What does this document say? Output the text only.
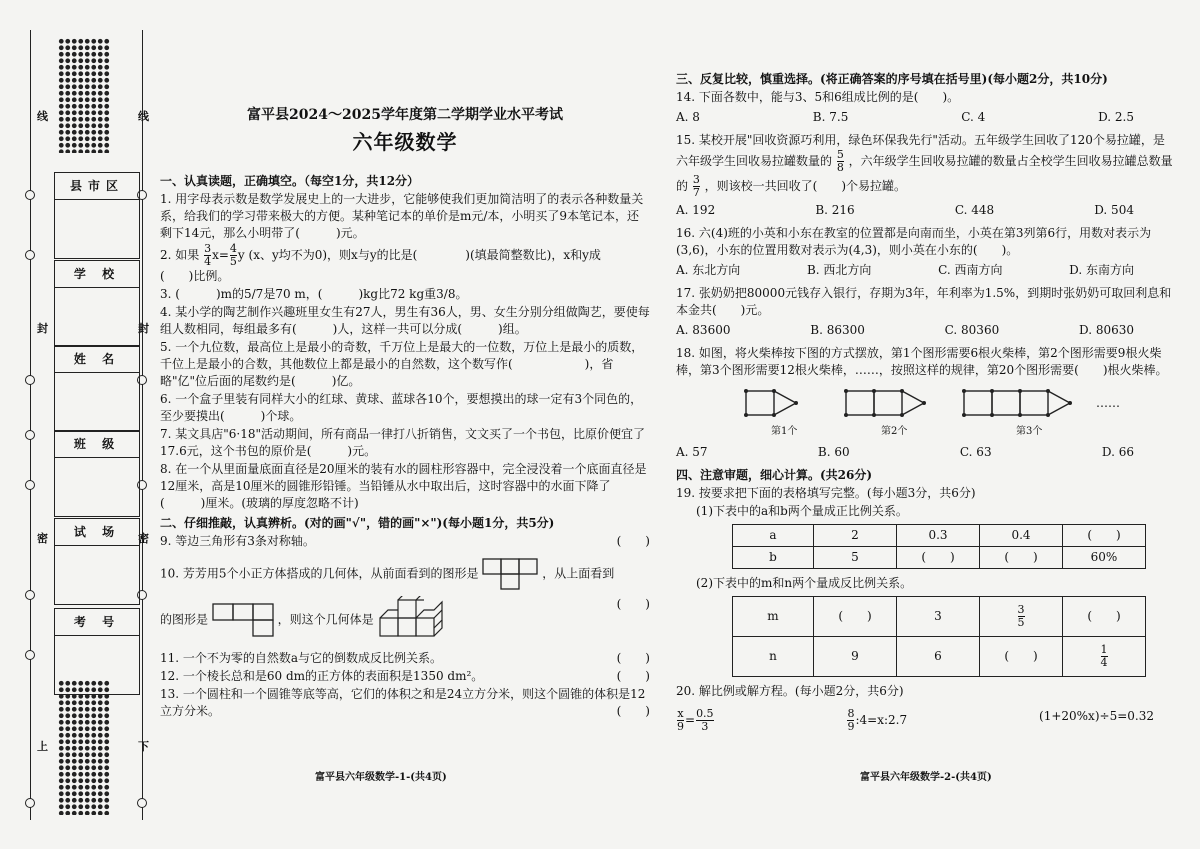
线	线
封	封
密	密
上	下
县市区
学 校
姓 名
班 级
试 场
考 号
富平县2024～2025学年度第二学期学业水平考试
六年级数学
一、认真读题，正确填空。（每空1分，共12分）
1. 用字母表示数是数学发展史上的一大进步，它能够使我们更加简洁明了的表示各种数量关系，给我们的学习带来极大的方便。某种笔记本的单价是m元/本，小明买了9本笔记本，还剩下14元，那么小明带了(　　　)元。
2. 如果 $\frac{3}{4} x= \frac{4}{5}$ y (x、y均不为0)，则x与y的比是(　　　　)(填最简整数比)，x和y成
(　　)比例。
3. (　　　)m的5/7是70 m，(　　　)kg比72 kg重3/8。
4. 某小学的陶艺制作兴趣班里女生有27人，男生有36人，男、女生分别分组做陶艺，要使每组人数相同，每组最多有(　　　)人，这样一共可以分成(　　　)组。
5. 一个九位数，最高位上是最小的奇数，千万位上是最大的一位数，万位上是最小的质数，千位上是最小的合数，其他数位上都是最小的自然数，这个数写作(　　　　　　)，省略"亿"位后面的尾数约是(　　　)亿。
6. 一个盒子里装有同样大小的红球、黄球、蓝球各10个，要想摸出的球一定有3个同色的，至少要摸出(　　　)个球。
7. 某文具店"6·18"活动期间，所有商品一律打八折销售，文文买了一个书包，比原价便宜了17.6元，这个书包的原价是(　　　)元。
8. 在一个从里面量底面直径是20厘米的装有水的圆柱形容器中，完全浸没着一个底面直径是12厘米，高是10厘米的圆锥形铅锤。当铅锤从水中取出后，这时容器中的水面下降了(　　　)厘米。(玻璃的厚度忽略不计)
二、仔细推敲，认真辨析。(对的画"√"，错的画"×")(每小题1分，共5分)
9. 等边三角形有3条对称轴。	(　　)
10. 芳芳用5个小正方体搭成的几何体，从前面看到的图形是	，从上面看到
的图形是	，则这个几何体是
(　　)
11. 一个不为零的自然数a与它的倒数成反比例关系。	(　　)
12. 一个棱长总和是60 dm的正方体的表面积是1350 dm²。	(　　)
13. 一个圆柱和一个圆锥等底等高，它们的体积之和是24立方分米，则这个圆锥的体积是12立方分米。	(　　)
富平县六年级数学-1-(共4页)
三、反复比较，慎重选择。(将正确答案的序号填在括号里)(每小题2分，共10分)
14. 下面各数中，能与3、5和6组成比例的是(　　)。
A. 8	B. 7.5	C. 4	D. 2.5
15. 某校开展"回收资源巧利用，绿色环保我先行"活动。五年级学生回收了120个易拉罐，是六年级学生回收易拉罐数量的 $\frac{5}{8}$ ，六年级学生回收易拉罐的数量占全校学生回收易拉罐总数量的 $\frac{3}{7}$ ，则该校一共回收了(　　)个易拉罐。
A. 192	B. 216	C. 448	D. 504
16. 六(4)班的小英和小东在教室的位置都是向南而坐，小英在第3列第6行，用数对表示为(3,6)，小东的位置用数对表示为(4,3)，则小英在小东的(　　)。
A. 东北方向	B. 西北方向	C. 西南方向	D. 东南方向
17. 张奶奶把80000元钱存入银行，存期为3年，年利率为1.5%，到期时张奶奶可取回利息和本金共(　　)元。
A. 83600	B. 86300	C. 80360	D. 80630
18. 如图，将火柴棒按下图的方式摆放，第1个图形需要6根火柴棒，第2个图形需要9根火柴棒，第3个图形需要12根火柴棒，……，按照这样的规律，第20个图形需要(　　)根火柴棒。
第1个	第2个	第3个
……
A. 57	B. 60	C. 63	D. 66
四、注意审题，细心计算。(共26分)
19. 按要求把下面的表格填写完整。(每小题3分，共6分)
(1)下表中的a和b两个量成正比例关系。
a	2	0.3	0.4	(　　)
b	5	(　　)	(　　)	60%
(2)下表中的m和n两个量成反比例关系。
m	(　　)	3	$\frac{3}{5}$	(　　)
n	9	6	(　　)	$\frac{1}{4}$
20. 解比例或解方程。(每小题2分，共6分)
$\frac{x}{9} = \frac{0.5}{3}$	$\frac{8}{9}$ :4=x:2.7	(1+20%x)÷5=0.32
富平县六年级数学-2-(共4页)
